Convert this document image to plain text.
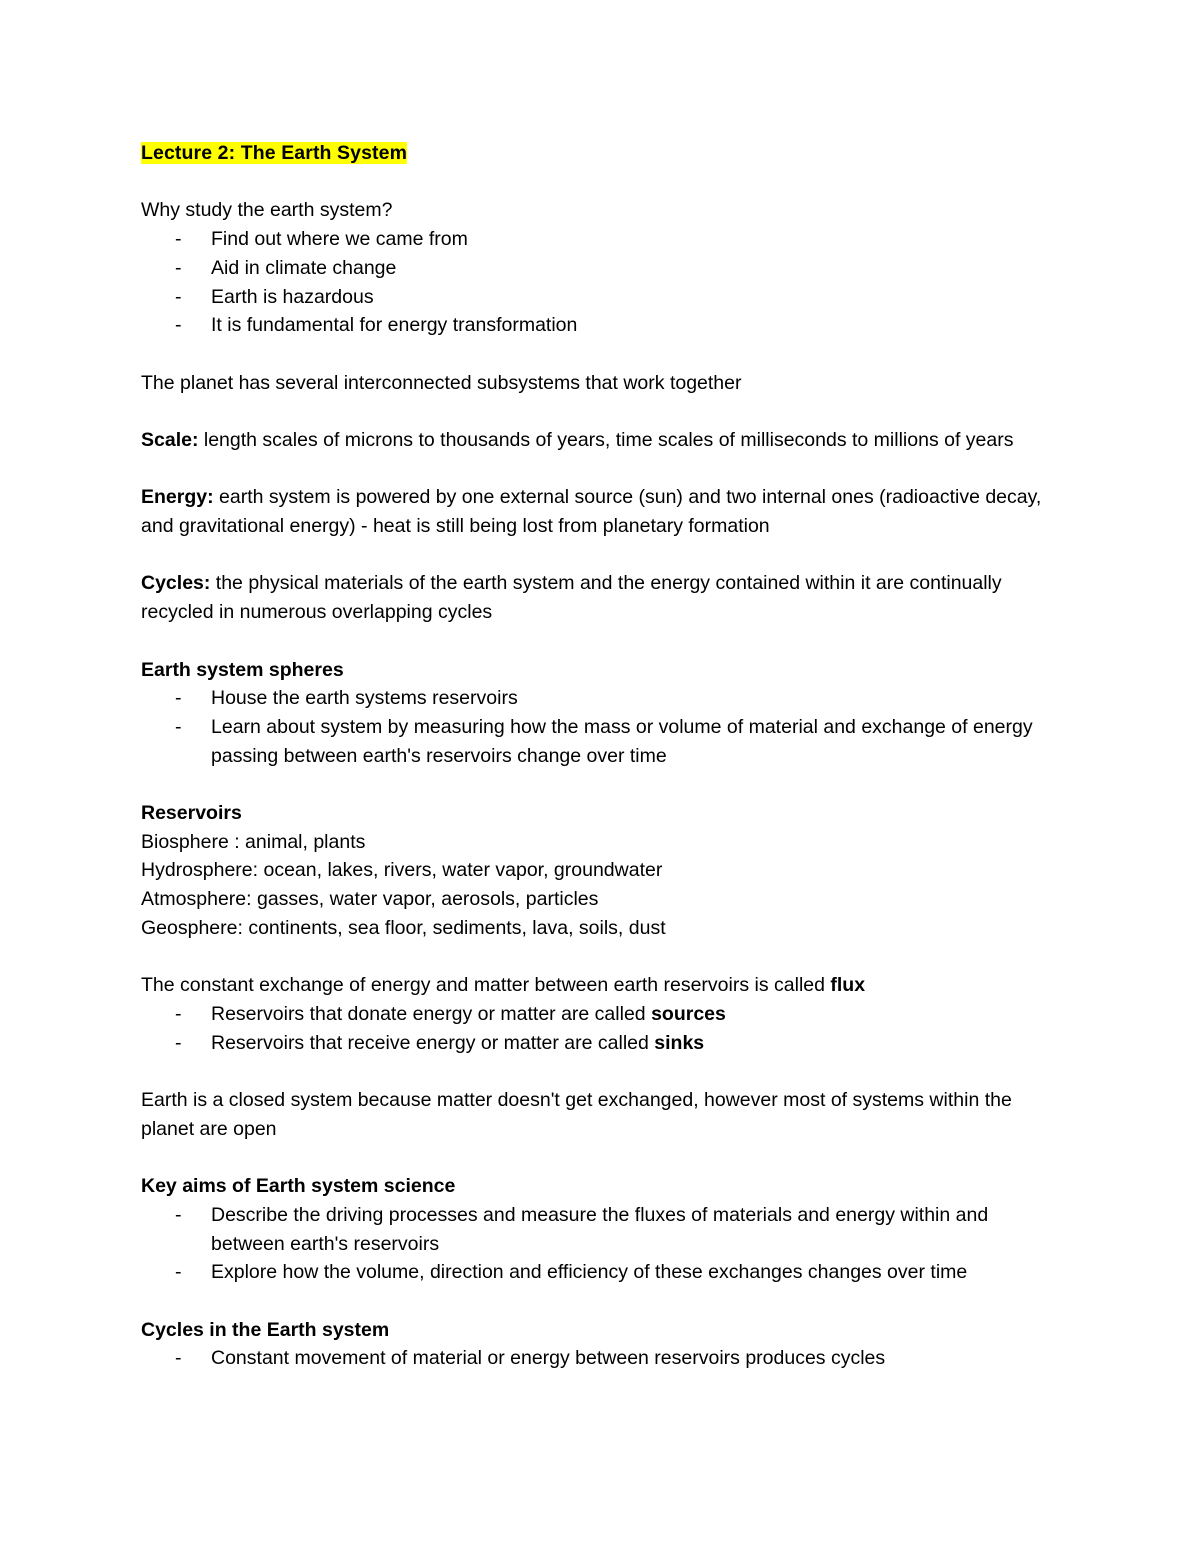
Lecture 2: The Earth System

Why study the earth system?

- Find out where we came from
- Aid in climate change
- Earth is hazardous
- It is fundamental for energy transformation

The planet has several interconnected subsystems that work together

Scale: length scales of microns to thousands of years, time scales of milliseconds to millions of years

Energy: earth system is powered by one external source (sun) and two internal ones (radioactive decay, and gravitational energy) - heat is still being lost from planetary formation

Cycles: the physical materials of the earth system and the energy contained within it are continually recycled in numerous overlapping cycles

Earth system spheres

- House the earth systems reservoirs
- Learn about system by measuring how the mass or volume of material and exchange of energy passing between earth's reservoirs change over time

Reservoirs

Biosphere : animal, plants

Hydrosphere: ocean, lakes, rivers, water vapor, groundwater

Atmosphere: gasses, water vapor, aerosols, particles

Geosphere: continents, sea floor, sediments, lava, soils, dust

The constant exchange of energy and matter between earth reservoirs is called flux

- Reservoirs that donate energy or matter are called sources
- Reservoirs that receive energy or matter are called sinks

Earth is a closed system because matter doesn't get exchanged, however most of systems within the planet are open

Key aims of Earth system science

- Describe the driving processes and measure the fluxes of materials and energy within and between earth's reservoirs
- Explore how the volume, direction and efficiency of these exchanges changes over time

Cycles in the Earth system

- Constant movement of material or energy between reservoirs produces cycles
